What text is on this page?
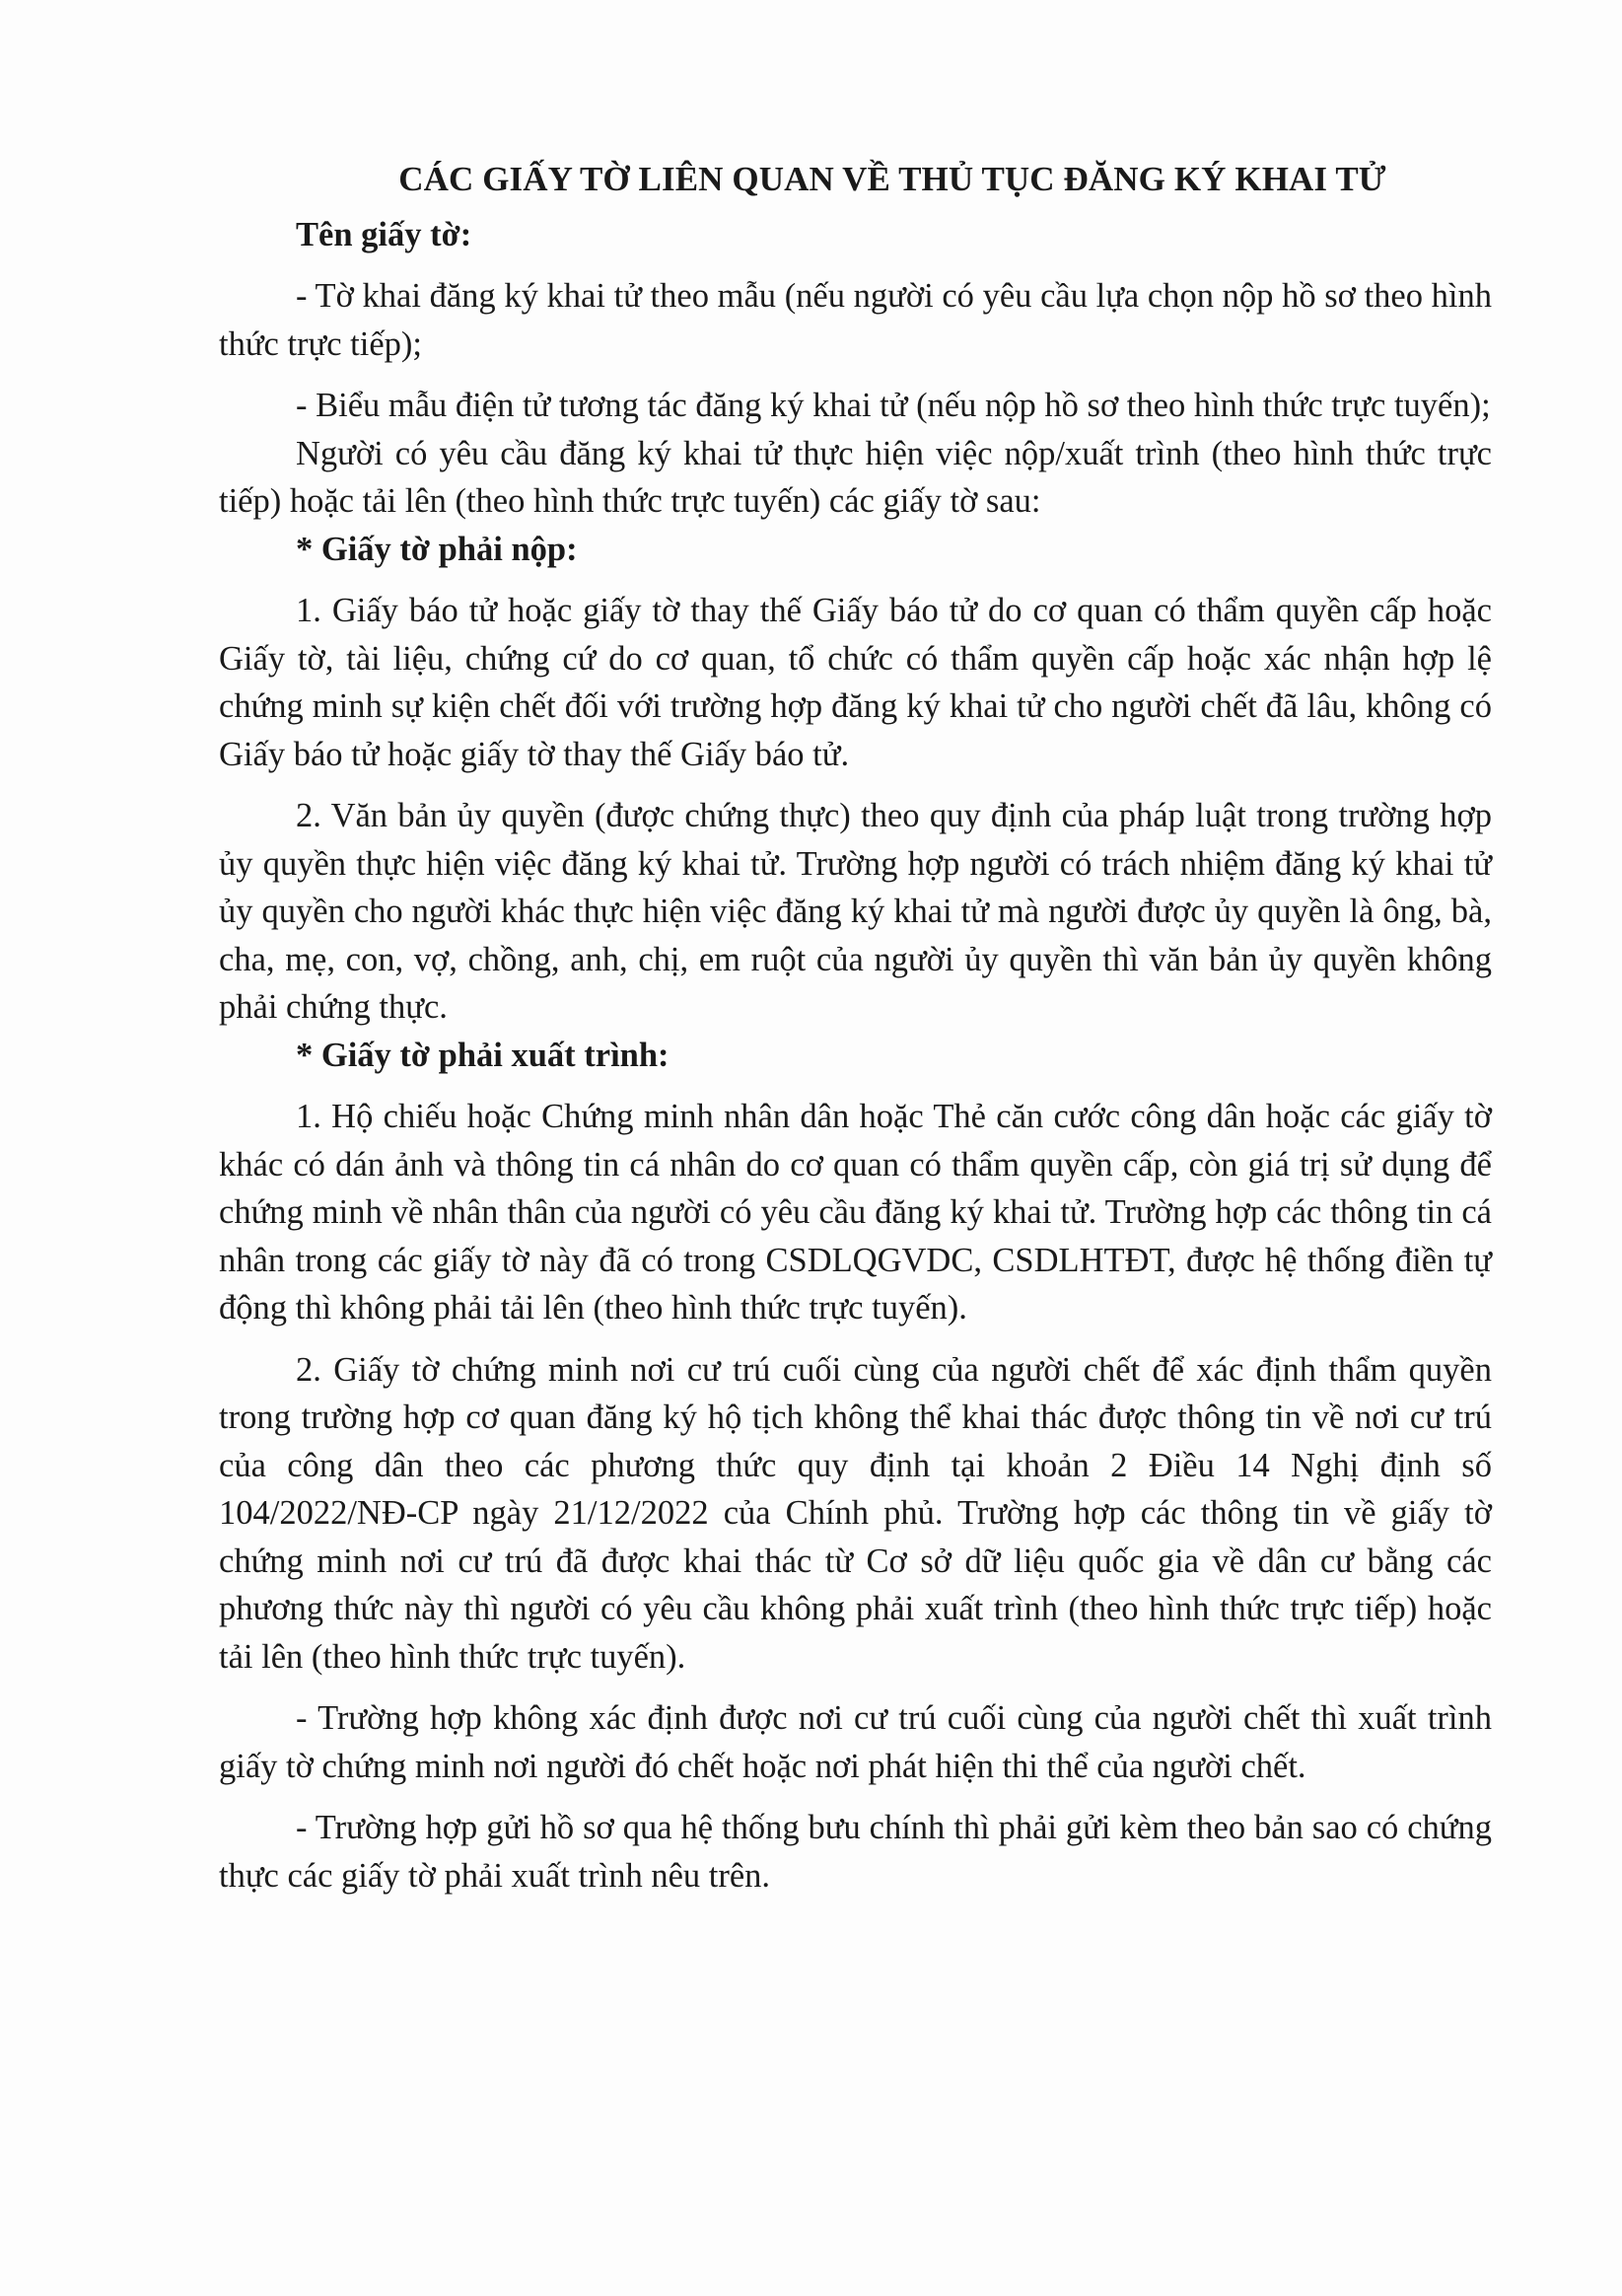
CÁC GIẤY TỜ LIÊN QUAN VỀ THỦ TỤC ĐĂNG KÝ KHAI TỬ

Tên giấy tờ:

- Tờ khai đăng ký khai tử theo mẫu (nếu người có yêu cầu lựa chọn nộp hồ sơ theo hình thức trực tiếp);

- Biểu mẫu điện tử tương tác đăng ký khai tử (nếu nộp hồ sơ theo hình thức trực tuyến);

Người có yêu cầu đăng ký khai tử thực hiện việc nộp/xuất trình (theo hình thức trực tiếp) hoặc tải lên (theo hình thức trực tuyến) các giấy tờ sau:

* Giấy tờ phải nộp:

1. Giấy báo tử hoặc giấy tờ thay thế Giấy báo tử do cơ quan có thẩm quyền cấp hoặc Giấy tờ, tài liệu, chứng cứ do cơ quan, tổ chức có thẩm quyền cấp hoặc xác nhận hợp lệ chứng minh sự kiện chết đối với trường hợp đăng ký khai tử cho người chết đã lâu, không có Giấy báo tử hoặc giấy tờ thay thế Giấy báo tử.

2. Văn bản ủy quyền (được chứng thực) theo quy định của pháp luật trong trường hợp ủy quyền thực hiện việc đăng ký khai tử. Trường hợp người có trách nhiệm đăng ký khai tử ủy quyền cho người khác thực hiện việc đăng ký khai tử mà người được ủy quyền là ông, bà, cha, mẹ, con, vợ, chồng, anh, chị, em ruột của người ủy quyền thì văn bản ủy quyền không phải chứng thực.

* Giấy tờ phải xuất trình:

1. Hộ chiếu hoặc Chứng minh nhân dân hoặc Thẻ căn cước công dân hoặc các giấy tờ khác có dán ảnh và thông tin cá nhân do cơ quan có thẩm quyền cấp, còn giá trị sử dụng để chứng minh về nhân thân của người có yêu cầu đăng ký khai tử. Trường hợp các thông tin cá nhân trong các giấy tờ này đã có trong CSDLQGVDC, CSDLHTĐT, được hệ thống điền tự động thì không phải tải lên (theo hình thức trực tuyến).

2. Giấy tờ chứng minh nơi cư trú cuối cùng của người chết để xác định thẩm quyền trong trường hợp cơ quan đăng ký hộ tịch không thể khai thác được thông tin về nơi cư trú của công dân theo các phương thức quy định tại khoản 2 Điều 14 Nghị định số 104/2022/NĐ-CP ngày 21/12/2022 của Chính phủ. Trường hợp các thông tin về giấy tờ chứng minh nơi cư trú đã được khai thác từ Cơ sở dữ liệu quốc gia về dân cư bằng các phương thức này thì người có yêu cầu không phải xuất trình (theo hình thức trực tiếp) hoặc tải lên (theo hình thức trực tuyến).

- Trường hợp không xác định được nơi cư trú cuối cùng của người chết thì xuất trình giấy tờ chứng minh nơi người đó chết hoặc nơi phát hiện thi thể của người chết.

- Trường hợp gửi hồ sơ qua hệ thống bưu chính thì phải gửi kèm theo bản sao có chứng thực các giấy tờ phải xuất trình nêu trên.
